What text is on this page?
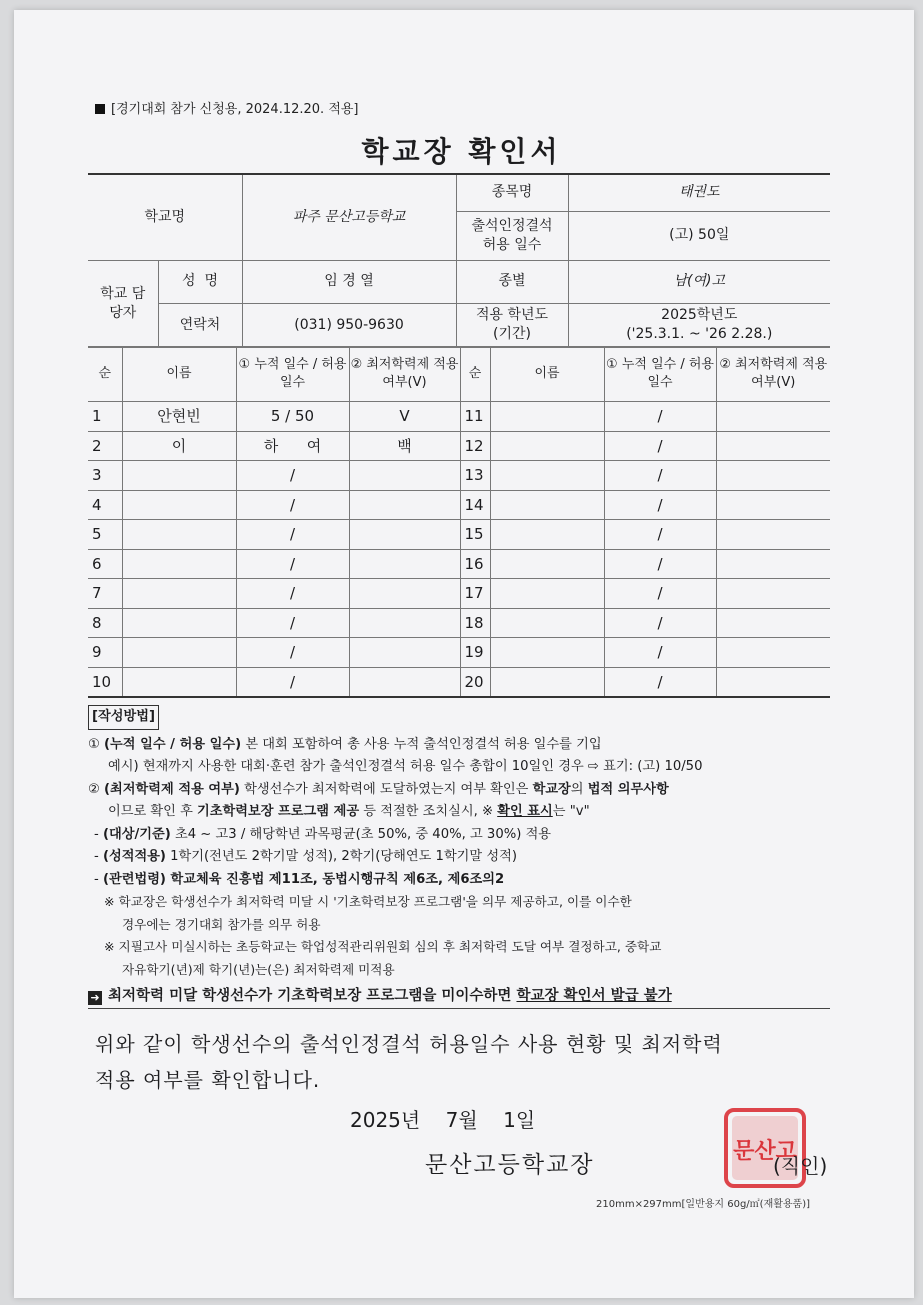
[경기대회 참가 신청용, 2024.12.20. 적용]
학교장 확인서
학교명		파주 문산고등학교	종목명	태권도
			출석인정결석 허용 일수	(고) 50일
학교 담당자	성  명	임 경 열	종별	남(여)고
	연락처	(031) 950-9630	적용 학년도 (기간)	2025학년도
('25.3.1. ~ '26 2.28.)
순	이름	① 누적 일수 / 허용 일수	② 최저학력제 적용 여부(V)	순	이름	① 누적 일수 / 허용 일수	② 최저학력제 적용 여부(V)
1	안현빈	5 / 50	V	11		/	
2	이	하      여	백	12		/	
3		/		13		/	
4		/		14		/	
5		/		15		/	
6		/		16		/	
7		/		17		/	
8		/		18		/	
9		/		19		/	
10		/		20		/	
[작성방법]
① (누적 일수 / 허용 일수) 본 대회 포함하여 총 사용 누적 출석인정결석 허용 일수를 기입
예시) 현재까지 사용한 대회·훈련 참가 출석인정결석 허용 일수 총합이 10일인 경우 ⇨ 표기: (고) 10/50
② (최저학력제 적용 여부) 학생선수가 최저학력에 도달하였는지 여부 확인은 학교장의 법적 의무사항
이므로 확인 후 기초학력보장 프로그램 제공 등 적절한 조치실시, ※ 확인 표시는 "v"
- (대상/기준) 초4 ~ 고3 / 해당학년 과목평균(초 50%, 중 40%, 고 30%) 적용
- (성적적용) 1학기(전년도 2학기말 성적), 2학기(당해연도 1학기말 성적)
- (관련법령) 학교체육 진흥법 제11조, 동법시행규칙 제6조, 제6조의2
※ 학교장은 학생선수가 최저학력 미달 시 '기초학력보장 프로그램'을 의무 제공하고, 이를 이수한
경우에는 경기대회 참가를 의무 허용
※ 지필고사 미실시하는 초등학교는 학업성적관리위원회 심의 후 최저학력 도달 여부 결정하고, 중학교
자유학기(년)제 학기(년)는(은) 최저학력제 미적용
➜ 최저학력 미달 학생선수가 기초학력보장 프로그램을 미이수하면 학교장 확인서 발급 불가
위와 같이 학생선수의 출석인정결석 허용일수 사용 현황 및 최저학력
적용 여부를 확인합니다.
2025년    7월    1일
문산고
문산고등학교장	(직인)
210mm×297mm[일반용지 60g/㎡(재활용품)]
